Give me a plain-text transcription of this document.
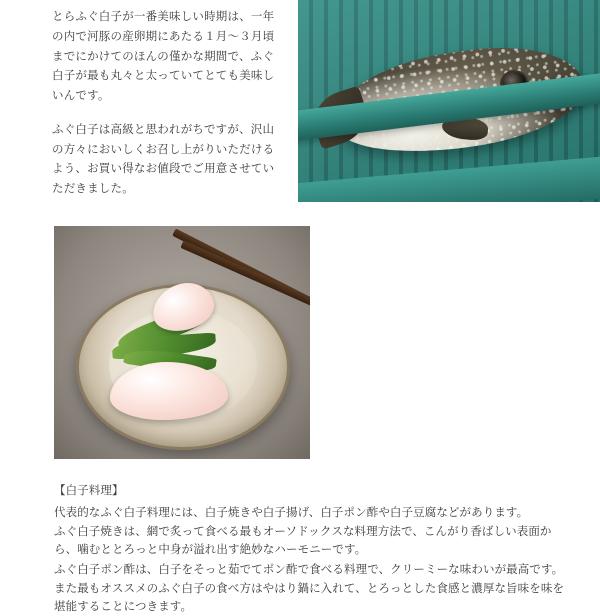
とらふぐ白子が一番美味しい時期は、一年の内で河豚の産卵期にあたる１月～３月頃までにかけてのほんの僅かな期間で、ふぐ白子が最も丸々と太っていてとても美味しいんです。

ふぐ白子は高級と思われがちですが、沢山の方々においしくお召し上がりいただけるよう、お買い得なお値段でご用意させていただきました。

【白子料理】

代表的なふぐ白子料理には、白子焼きや白子揚げ、白子ポン酢や白子豆腐などがあります。

ふぐ白子焼きは、網で炙って食べる最もオーソドックスな料理方法で、こんがり香ばしい表面から、噛むととろっと中身が溢れ出す絶妙なハーモニーです。

ふぐ白子ポン酢は、白子をそっと茹でてポン酢で食べる料理で、クリーミーな味わいが最高です。

また最もオススメのふぐ白子の食べ方はやはり鍋に入れて、とろっとした食感と濃厚な旨味を味を堪能することにつきます。
